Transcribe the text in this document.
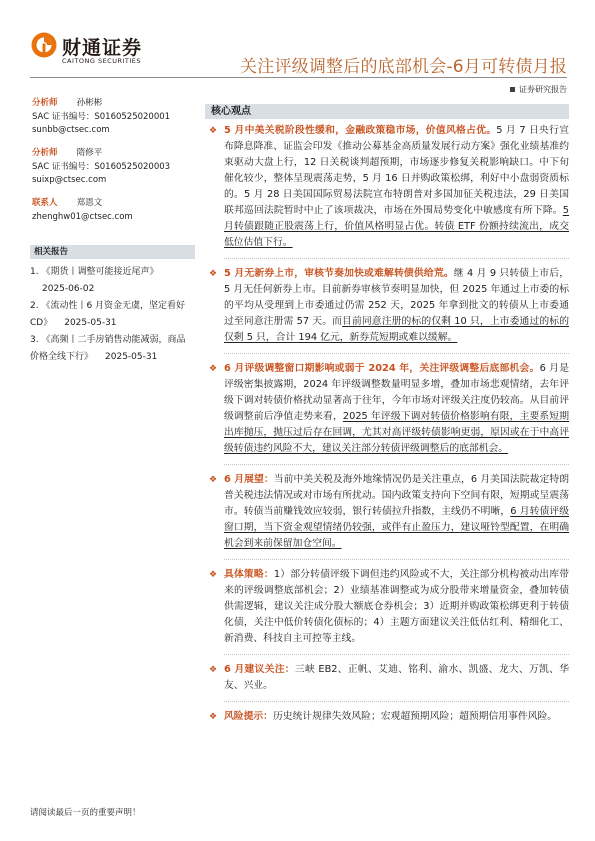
财通证券
CAITONG SECURITIES	关注评级调整后的底部机会-6月可转债月报
证券研究报告
分析师 孙彬彬
SAC 证书编号：S0160525020001
sunbb@ctsec.com
分析师 隋修平
SAC 证书编号：S0160525020003
suixp@ctsec.com
联系人 郑恩文
zhenghw01@ctsec.com
相关报告
1. 《期货丨调整可能接近尾声》2025-06-02
2. 《流动性丨6 月资金无虞，坚定看好 CD》 2025-05-31
3. 《高频丨二手房销售动能减弱，商品价格全线下行》 2025-05-31
核心观点
❖ 5 月中美关税阶段性缓和，金融政策稳市场，价值风格占优。5 月 7 日央行宣布降息降准、证监会印发《推动公募基金高质量发展行动方案》强化业绩基准约束驱动大盘上行，12 日关税谈判超预期，市场逐步修复关税影响缺口。中下旬催化较少，整体呈现震荡走势，5 月 16 日并购政策松绑，利好中小盘弱资质标的。5 月 28 日美国国际贸易法院宣布特朗普对多国加征关税违法，29 日美国联邦巡回法院暂时中止了该项裁决，市场在外围局势变化中敏感度有所下降。5 月转债跟随正股震荡上行，价值风格明显占优。转债 ETF 份额持续流出，成交低位估值下行。
❖ 5 月无新券上市，审核节奏加快或难解转债供给荒。继 4 月 9 只转债上市后，5 月无任何新券上市。目前新券审核节奏明显加快，但 2025 年通过上市委的标的平均从受理到上市委通过仍需 252 天，2025 年拿到批文的转债从上市委通过至同意注册需 57 天。而目前同意注册的标的仅剩 10 只，上市委通过的标的仅剩 5 只，合计 194 亿元，新券荒短期或难以缓解。
❖ 6 月评级调整窗口期影响或弱于 2024 年，关注评级调整后底部机会。6 月是评级密集披露期，2024 年评级调整数量明显多增，叠加市场悲观情绪，去年评级下调对转债价格扰动显著高于往年，今年市场对评级关注度仍较高。从目前评级调整前后净值走势来看，2025 年评级下调对转债价格影响有限，主要系短期出库抛压，抛压过后存在回调，尤其对高评级转债影响更弱，原因或在于中高评级转债违约风险不大，建议关注部分转债评级调整后的底部机会。
❖ 6 月展望：当前中美关税及海外地缘情况仍是关注重点，6 月美国法院裁定特朗普关税违法情况或对市场有所扰动。国内政策支持向下空间有限，短期或呈震荡市。转债当前赚钱效应较弱，银行转债拉升指数，主线仍不明晰，6 月转债评级窗口期，当下资金观望情绪仍较强，或伴有止盈压力，建议哑铃型配置，在明确机会到来前保留加仓空间。
❖ 具体策略：1）部分转债评级下调但违约风险或不大，关注部分机构被动出库带来的评级调整底部机会；2）业绩基准调整或为成分股带来增量资金，叠加转债供需逻辑，建议关注成分股大额底仓券机会；3）近期并购政策松绑更利于转债化债，关注中低价转债化债标的；4）主题方面建议关注低估红利、精细化工、新消费、科技自主可控等主线。
❖ 6 月建议关注：三峡 EB2、正帆、艾迪、铭利、渝水、凯盛、龙大、万凯、华友、兴业。
❖ 风险提示：历史统计规律失效风险；宏观超预期风险；超预期信用事件风险。
请阅读最后一页的重要声明！
